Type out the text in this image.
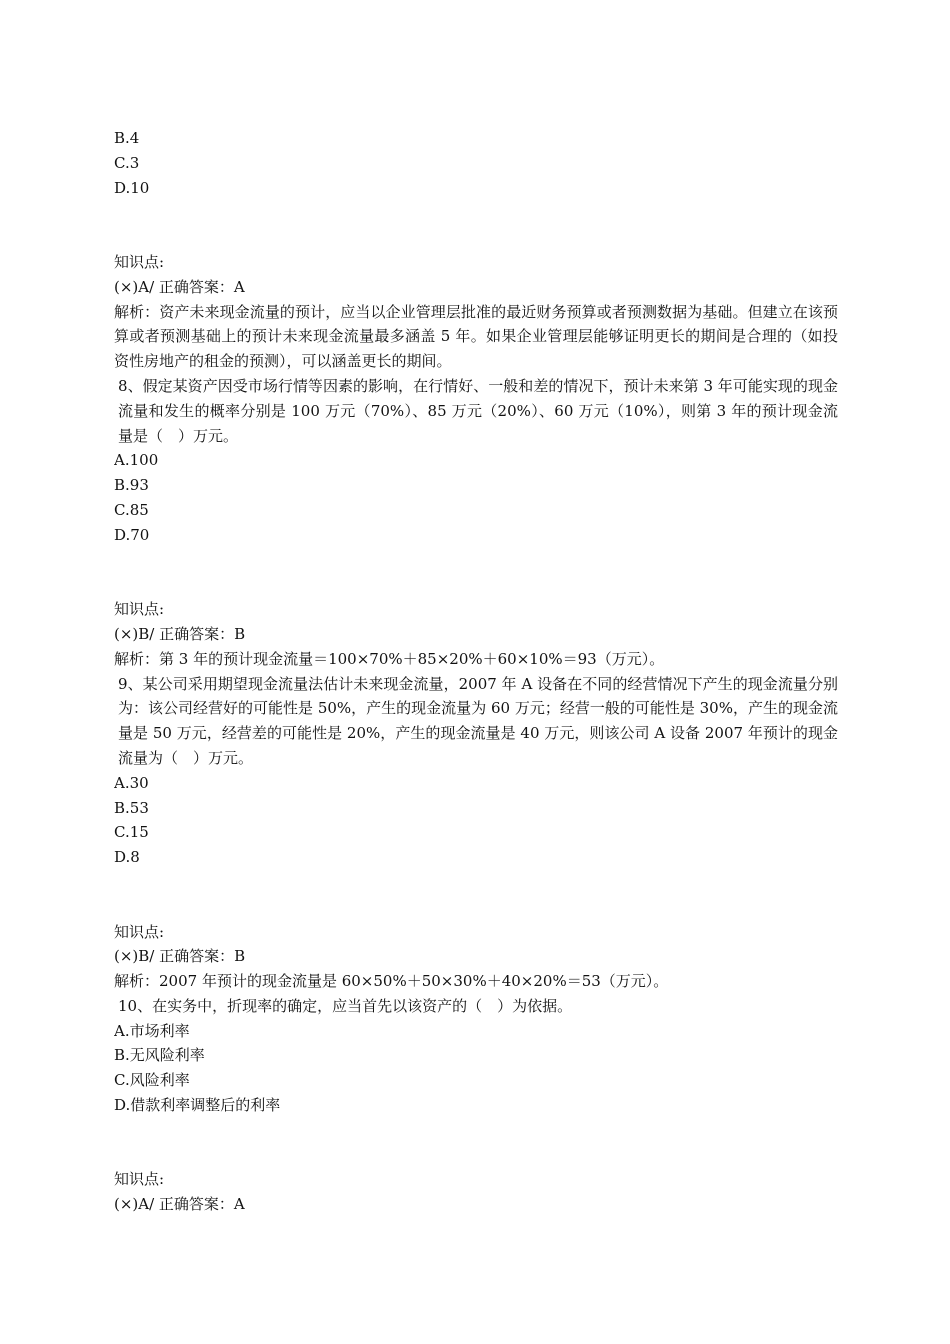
B.4
C.3
D.10
知识点:
(×)A/ 正确答案：A
解析：资产未来现金流量的预计，应当以企业管理层批准的最近财务预算或者预测数据为基础。但建立在该预算或者预测基础上的预计未来现金流量最多涵盖 5 年。如果企业管理层能够证明更长的期间是合理的（如投资性房地产的租金的预测），可以涵盖更长的期间。
8、假定某资产因受市场行情等因素的影响，在行情好、一般和差的情况下，预计未来第 3 年可能实现的现金流量和发生的概率分别是 100 万元（70%）、85 万元（20%）、60 万元（10%），则第 3 年的预计现金流量是（　）万元。
A.100
B.93
C.85
D.70
知识点:
(×)B/ 正确答案：B
解析：第 3 年的预计现金流量＝100×70%＋85×20%＋60×10%＝93（万元）。
9、某公司采用期望现金流量法估计未来现金流量，2007 年 A 设备在不同的经营情况下产生的现金流量分别为：该公司经营好的可能性是 50%，产生的现金流量为 60 万元；经营一般的可能性是 30%，产生的现金流量是 50 万元，经营差的可能性是 20%，产生的现金流量是 40 万元，则该公司 A 设备 2007 年预计的现金流量为（　）万元。
A.30
B.53
C.15
D.8
知识点:
(×)B/ 正确答案：B
解析：2007 年预计的现金流量是 60×50%＋50×30%＋40×20%＝53（万元）。
10、在实务中，折现率的确定，应当首先以该资产的（　）为依据。
A.市场利率
B.无风险利率
C.风险利率
D.借款利率调整后的利率
知识点:
(×)A/ 正确答案：A
